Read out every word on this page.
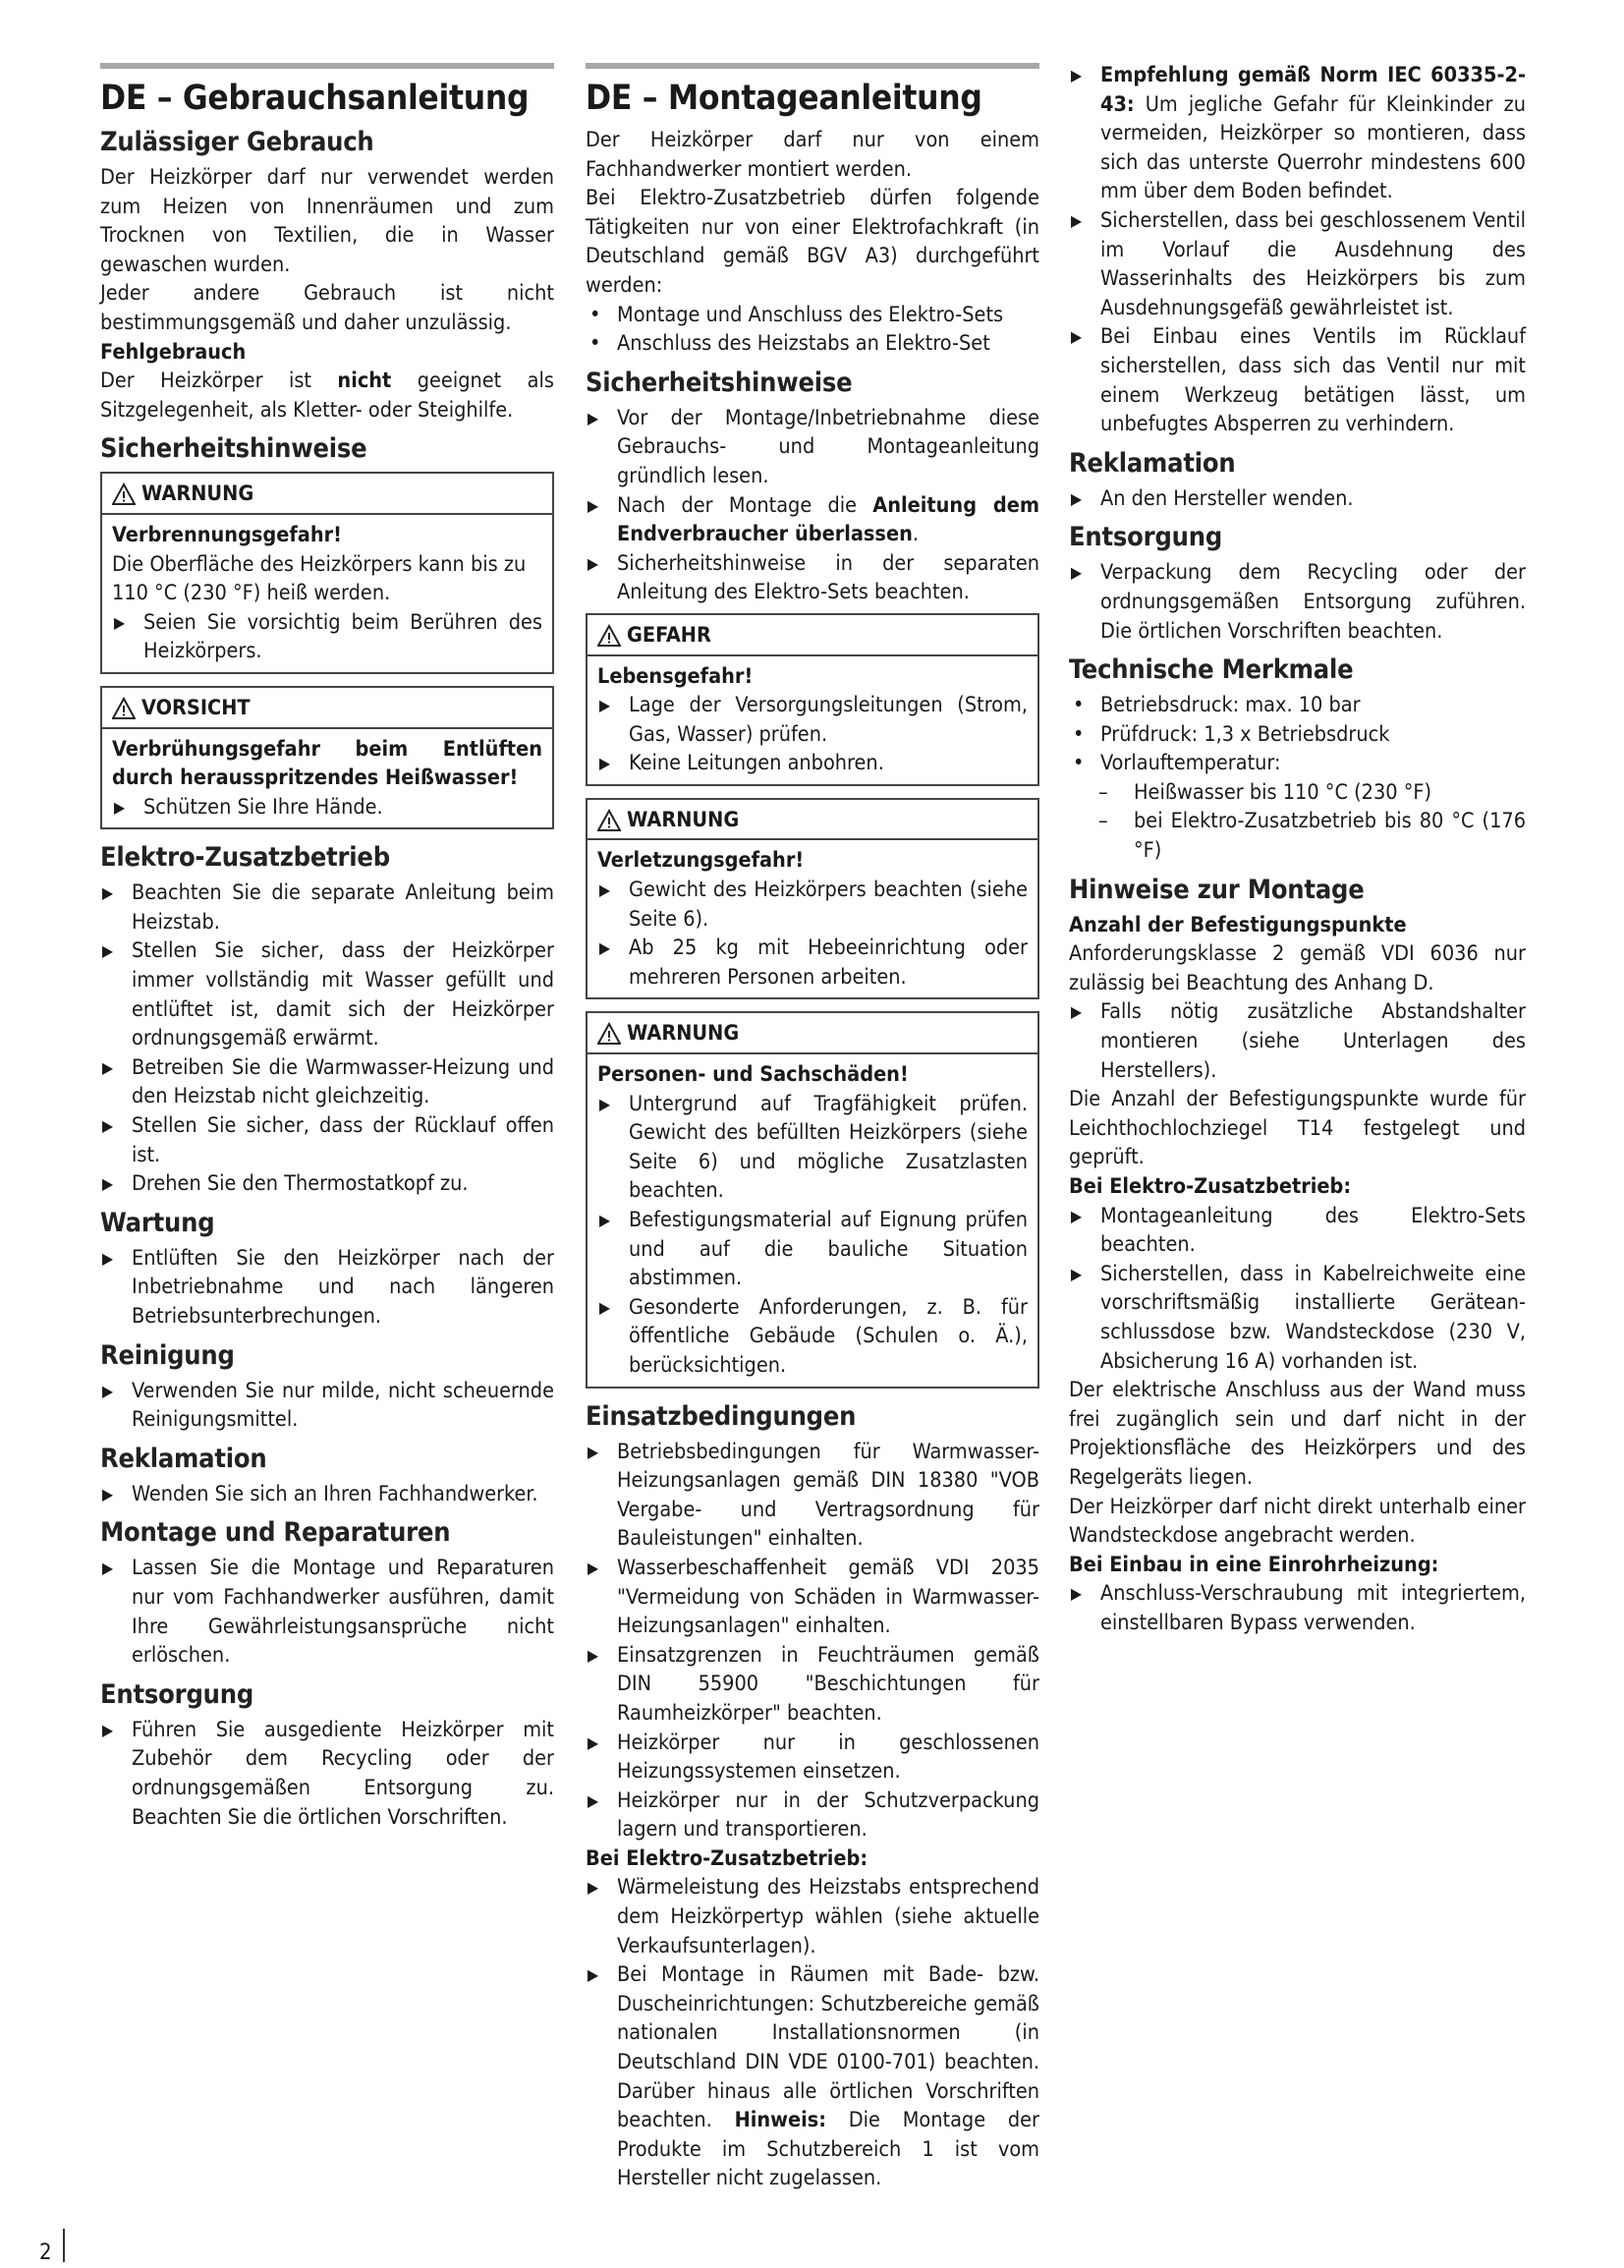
DE – Gebrauchsanleitung
Zulässiger Gebrauch

Der Heizkörper darf nur verwendet werden zum Heizen von Innenräumen und zum Trocknen von Textilien, die in Wasser gewaschen wurden.

Jeder andere Gebrauch ist nicht bestimmungsgemäß und daher unzulässig.

Fehlgebrauch

Der Heizkörper ist nicht geeignet als Sitzgelegenheit, als Kletter- oder Steighilfe.

Sicherheitshinweise
WARNUNG

Verbrennungsgefahr!

Die Oberfläche des Heizkörpers kann bis zu 110 °C (230 °F) heiß werden.

▶ Seien Sie vorsichtig beim Berühren des Heizkörpers.
VORSICHT

Verbrühungsgefahr beim Entlüften durch herausspritzendes Heißwasser!

▶ Schützen Sie Ihre Hände.
Elektro-Zusatzbetrieb
▶ Beachten Sie die separate Anleitung beim Heizstab.
▶ Stellen Sie sicher, dass der Heizkörper immer vollständig mit Wasser gefüllt und entlüftet ist, damit sich der Heizkörper ordnungsgemäß erwärmt.
▶ Betreiben Sie die Warmwasser-Heizung und den Heizstab nicht gleichzeitig.
▶ Stellen Sie sicher, dass der Rücklauf offen ist.
▶ Drehen Sie den Thermostatkopf zu.
Wartung
▶ Entlüften Sie den Heizkörper nach der Inbetriebnahme und nach längeren Betriebsunterbrechungen.
Reinigung
▶ Verwenden Sie nur milde, nicht scheuernde Reinigungsmittel.
Reklamation
▶ Wenden Sie sich an Ihren Fachhandwerker.
Montage und Reparaturen
▶ Lassen Sie die Montage und Reparaturen nur vom Fachhandwerker ausführen, damit Ihre Gewährleistungsansprüche nicht erlöschen.
Entsorgung
▶ Führen Sie ausgediente Heizkörper mit Zubehör dem Recycling oder der ordnungsgemäßen Entsorgung zu. Beachten Sie die örtlichen Vorschriften.
DE – Montageanleitung

Der Heizkörper darf nur von einem Fachhandwerker montiert werden.

Bei Elektro-Zusatzbetrieb dürfen folgende Tätigkeiten nur von einer Elektrofachkraft (in Deutschland gemäß BGV A3) durchgeführt werden:

• Montage und Anschluss des Elektro-Sets
• Anschluss des Heizstabs an Elektro-Set
Sicherheitshinweise
▶ Vor der Montage/Inbetriebnahme diese Gebrauchs- und Montageanleitung gründlich lesen.
▶ Nach der Montage die Anleitung dem Endverbraucher überlassen.
▶ Sicherheitshinweise in der separaten Anleitung des Elektro-Sets beachten.
GEFAHR

Lebensgefahr!

▶ Lage der Versorgungsleitungen (Strom, Gas, Wasser) prüfen.
▶ Keine Leitungen anbohren.
WARNUNG

Verletzungsgefahr!

▶ Gewicht des Heizkörpers beachten (siehe Seite 6).
▶ Ab 25 kg mit Hebeeinrichtung oder mehreren Personen arbeiten.
WARNUNG

Personen- und Sachschäden!

▶ Untergrund auf Tragfähigkeit prüfen. Gewicht des befüllten Heizkörpers (siehe Seite 6) und mögliche Zusatzlasten beachten.
▶ Befestigungsmaterial auf Eignung prüfen und auf die bauliche Situation abstimmen.
▶ Gesonderte Anforderungen, z. B. für öffentliche Gebäude (Schulen o. Ä.), berücksichtigen.
Einsatzbedingungen
▶ Betriebsbedingungen für Warmwasser-Heizungsanlagen gemäß DIN 18380 "VOB Vergabe- und Vertragsordnung für Bauleistungen" einhalten.
▶ Wasserbeschaffenheit gemäß VDI 2035 "Vermeidung von Schäden in Warmwasser-Heizungsanlagen" einhalten.
▶ Einsatzgrenzen in Feuchträumen gemäß DIN 55900 "Beschichtungen für Raumheizkörper" beachten.
▶ Heizkörper nur in geschlossenen Heizungssystemen einsetzen.
▶ Heizkörper nur in der Schutzverpackung lagern und transportieren.

Bei Elektro-Zusatzbetrieb:

▶ Wärmeleistung des Heizstabs entsprechend dem Heizkörpertyp wählen (siehe aktuelle Verkaufsunterlagen).
▶ Bei Montage in Räumen mit Bade- bzw. Duscheinrichtungen: Schutzbereiche gemäß nationalen Installationsnormen (in Deutschland DIN VDE 0100-701) beachten. Darüber hinaus alle örtlichen Vorschriften beachten. Hinweis: Die Montage der Produkte im Schutzbereich 1 ist vom Hersteller nicht zugelassen.
▶ Empfehlung gemäß Norm IEC 60335-2-43: Um jegliche Gefahr für Kleinkinder zu vermeiden, Heizkörper so montieren, dass sich das unterste Querrohr mindestens 600 mm über dem Boden befindet.
▶ Sicherstellen, dass bei geschlossenem Ventil im Vorlauf die Ausdehnung des Wasserinhalts des Heizkörpers bis zum Ausdehnungsgefäß gewährleistet ist.
▶ Bei Einbau eines Ventils im Rücklauf sicherstellen, dass sich das Ventil nur mit einem Werkzeug betätigen lässt, um unbefugtes Absperren zu verhindern.
Reklamation
▶ An den Hersteller wenden.
Entsorgung
▶ Verpackung dem Recycling oder der ordnungsgemäßen Entsorgung zuführen. Die örtlichen Vorschriften beachten.
Technische Merkmale
• Betriebsdruck: max. 10 bar
• Prüfdruck: 1,3 x Betriebsdruck
• Vorlauftemperatur:
– Heißwasser bis 110 °C (230 °F)
– bei Elektro-Zusatzbetrieb bis 80 °C (176 °F)
Hinweise zur Montage

Anzahl der Befestigungspunkte

Anforderungsklasse 2 gemäß VDI 6036 nur zulässig bei Beachtung des Anhang D.

▶ Falls nötig zusätzliche Abstandshalter montieren (siehe Unterlagen des Herstellers).

Die Anzahl der Befestigungspunkte wurde für Leichthochlochziegel T14 festgelegt und geprüft.

Bei Elektro-Zusatzbetrieb:

▶ Montageanleitung des Elektro-Sets beachten.
▶ Sicherstellen, dass in Kabelreichweite eine vorschriftsmäßig installierte Geräteanschlussdose bzw. Wandsteckdose (230 V, Absicherung 16 A) vorhanden ist.

Der elektrische Anschluss aus der Wand muss frei zugänglich sein und darf nicht in der Projektionsfläche des Heizkörpers und des Regelgeräts liegen.

Der Heizkörper darf nicht direkt unterhalb einer Wandsteckdose angebracht werden.

Bei Einbau in eine Einrohrheizung:

▶ Anschluss-Verschraubung mit integriertem, einstellbaren Bypass verwenden.
2
